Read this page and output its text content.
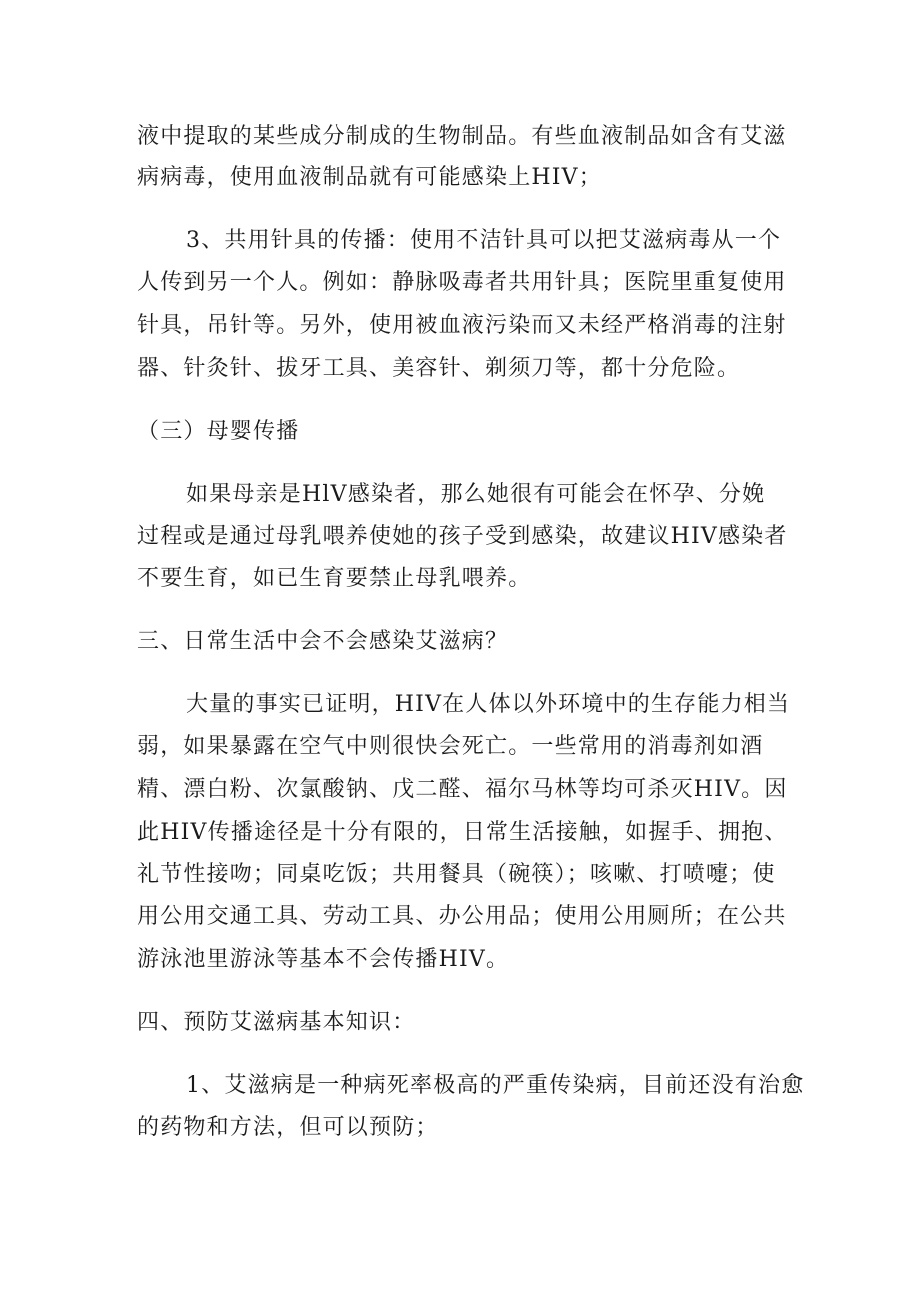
液中提取的某些成分制成的生物制品。有些血液制品如含有艾滋
病病毒，使用血液制品就有可能感染上HIV；
3、共用针具的传播：使用不洁针具可以把艾滋病毒从一个
人传到另一个人。例如：静脉吸毒者共用针具；医院里重复使用
针具，吊针等。另外，使用被血液污染而又未经严格消毒的注射
器、针灸针、拔牙工具、美容针、剃须刀等，都十分危险。
（三）母婴传播
如果母亲是HlV感染者，那么她很有可能会在怀孕、分娩
过程或是通过母乳喂养使她的孩子受到感染，故建议HIV感染者
不要生育，如已生育要禁止母乳喂养。
三、日常生活中会不会感染艾滋病？
大量的事实已证明，HIV在人体以外环境中的生存能力相当
弱，如果暴露在空气中则很快会死亡。一些常用的消毒剂如酒
精、漂白粉、次氯酸钠、戊二醛、福尔马林等均可杀灭HIV。因
此HIV传播途径是十分有限的，日常生活接触，如握手、拥抱、
礼节性接吻；同桌吃饭；共用餐具（碗筷）；咳嗽、打喷嚏；使
用公用交通工具、劳动工具、办公用品；使用公用厕所；在公共
游泳池里游泳等基本不会传播HIV。
四、预防艾滋病基本知识：
1、艾滋病是一种病死率极高的严重传染病，目前还没有治愈
的药物和方法，但可以预防；
